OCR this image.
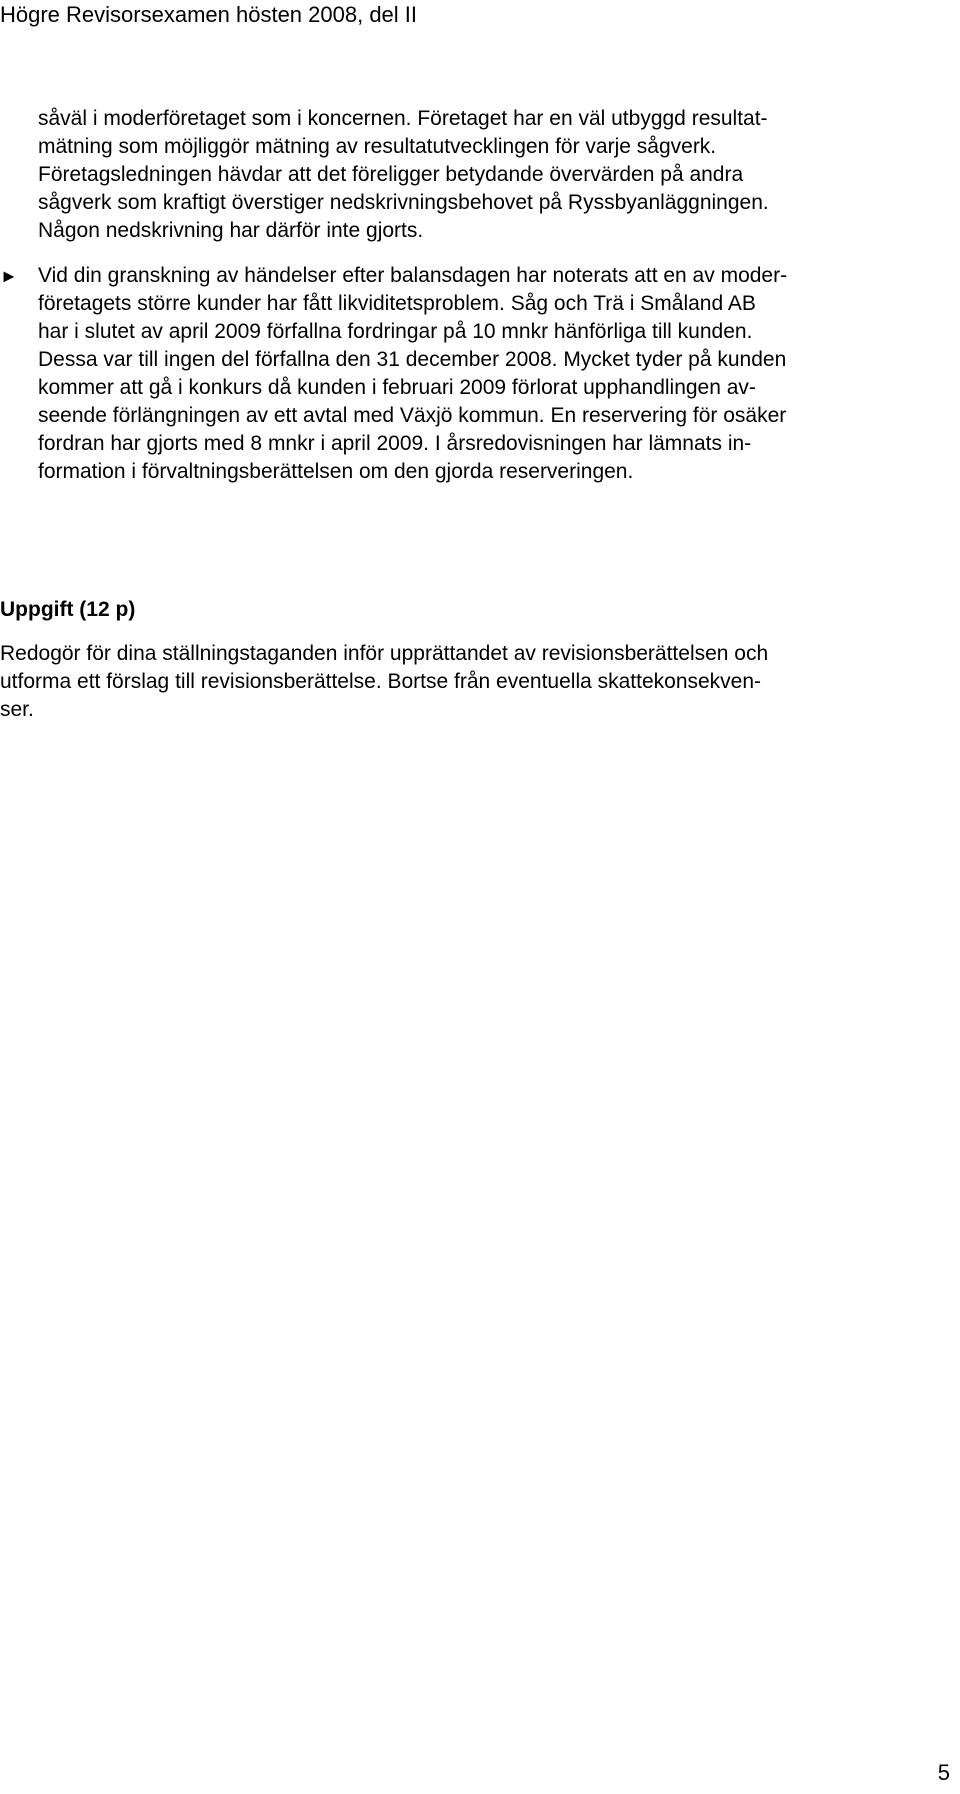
Högre Revisorsexamen hösten 2008, del II
såväl i moderföretaget som i koncernen. Företaget har en väl utbyggd resultat-
mätning som möjliggör mätning av resultatutvecklingen för varje sågverk.
Företagsledningen hävdar att det föreligger betydande övervärden på andra
sågverk som kraftigt överstiger nedskrivningsbehovet på Ryssbyanläggningen.
Någon nedskrivning har därför inte gjorts.
► Vid din granskning av händelser efter balansdagen har noterats att en av moder-
företagets större kunder har fått likviditetsproblem. Såg och Trä i Småland AB
har i slutet av april 2009 förfallna fordringar på 10 mnkr hänförliga till kunden.
Dessa var till ingen del förfallna den 31 december 2008. Mycket tyder på kunden
kommer att gå i konkurs då kunden i februari 2009 förlorat upphandlingen av-
seende förlängningen av ett avtal med Växjö kommun. En reservering för osäker
fordran har gjorts med 8 mnkr i april 2009. I årsredovisningen har lämnats in-
formation i förvaltningsberättelsen om den gjorda reserveringen.
Uppgift (12 p)
Redogör för dina ställningstaganden inför upprättandet av revisionsberättelsen och
utforma ett förslag till revisionsberättelse. Bortse från eventuella skattekonsekven-
ser.
5
